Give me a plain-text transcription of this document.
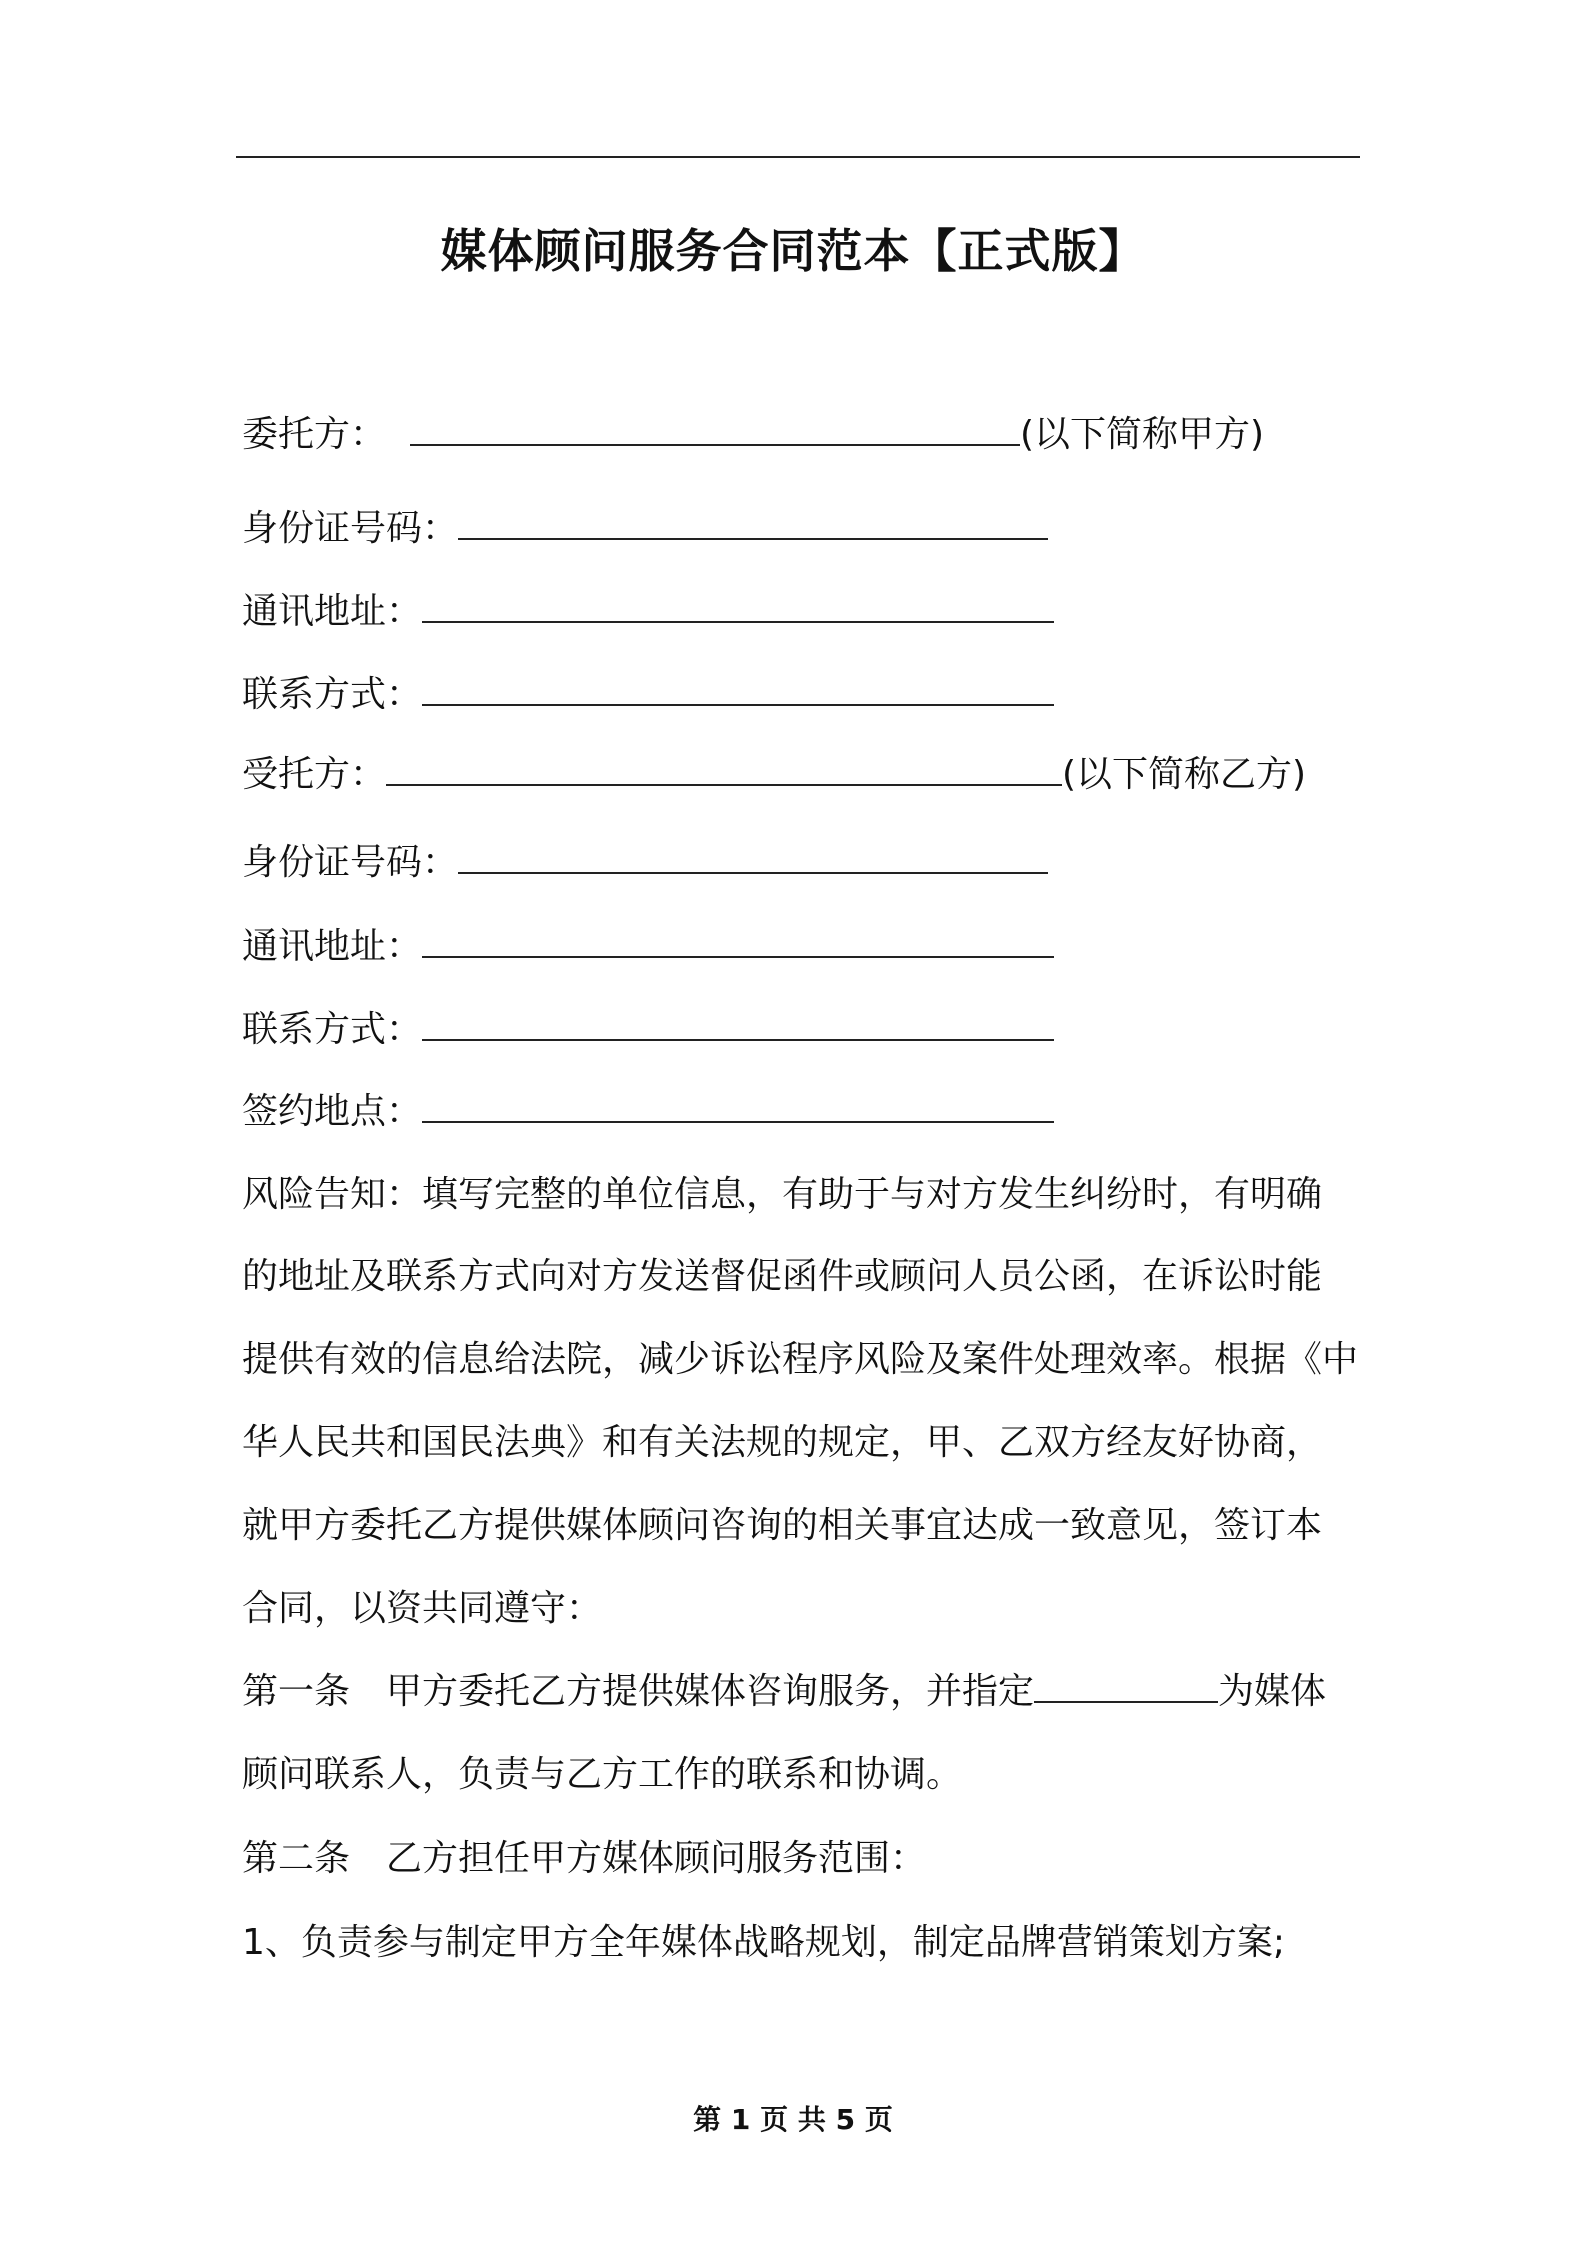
媒体顾问服务合同范本【正式版】
委托方：	(以下简称甲方)
身份证号码：
通讯地址：
联系方式：
受托方：	(以下简称乙方)
身份证号码：
通讯地址：
联系方式：
签约地点：
风险告知：填写完整的单位信息，有助于与对方发生纠纷时，有明确
的地址及联系方式向对方发送督促函件或顾问人员公函，在诉讼时能
提供有效的信息给法院，减少诉讼程序风险及案件处理效率。根据《中
华人民共和国民法典》和有关法规的规定，甲、乙双方经友好协商，
就甲方委托乙方提供媒体顾问咨询的相关事宜达成一致意见，签订本
合同，以资共同遵守：
第一条　甲方委托乙方提供媒体咨询服务，并指定	为媒体
顾问联系人，负责与乙方工作的联系和协调。
第二条　乙方担任甲方媒体顾问服务范围：
1、负责参与制定甲方全年媒体战略规划，制定品牌营销策划方案;
第 1 页 共 5 页
